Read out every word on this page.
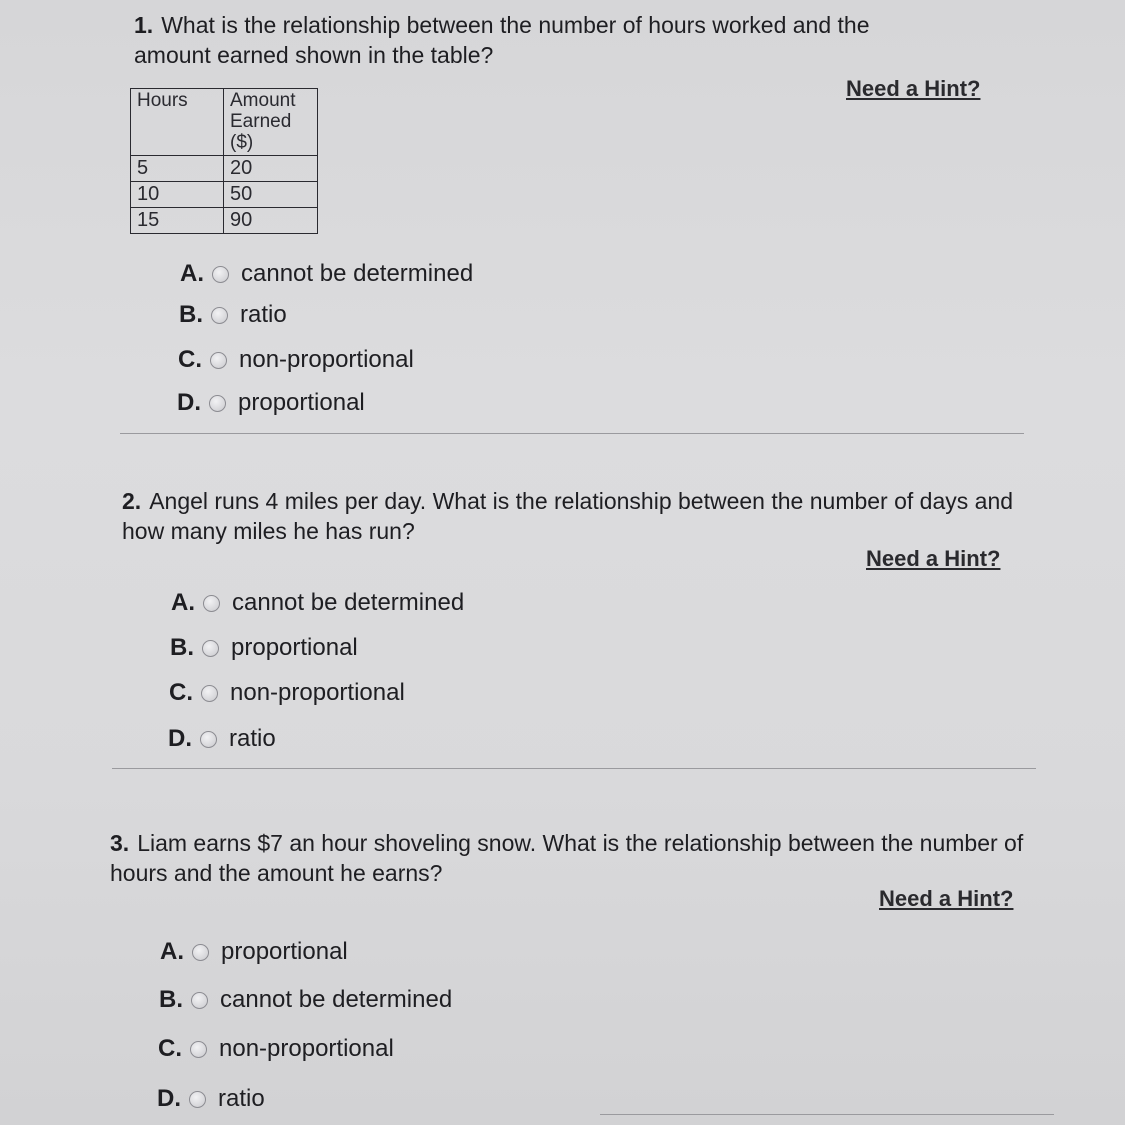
1. What is the relationship between the number of hours worked and the amount earned shown in the table?

Need a Hint?
Hours	Amount Earned ($)
5	20
10	50
15	90
A.	cannot be determined
B.	ratio
C.	non-proportional
D.	proportional

2. Angel runs 4 miles per day. What is the relationship between the number of days and how many miles he has run?

Need a Hint?
A.	cannot be determined
B.	proportional
C.	non-proportional
D.	ratio

3. Liam earns $7 an hour shoveling snow. What is the relationship between the number of hours and the amount he earns?

Need a Hint?
A.	proportional
B.	cannot be determined
C.	non-proportional
D.	ratio
